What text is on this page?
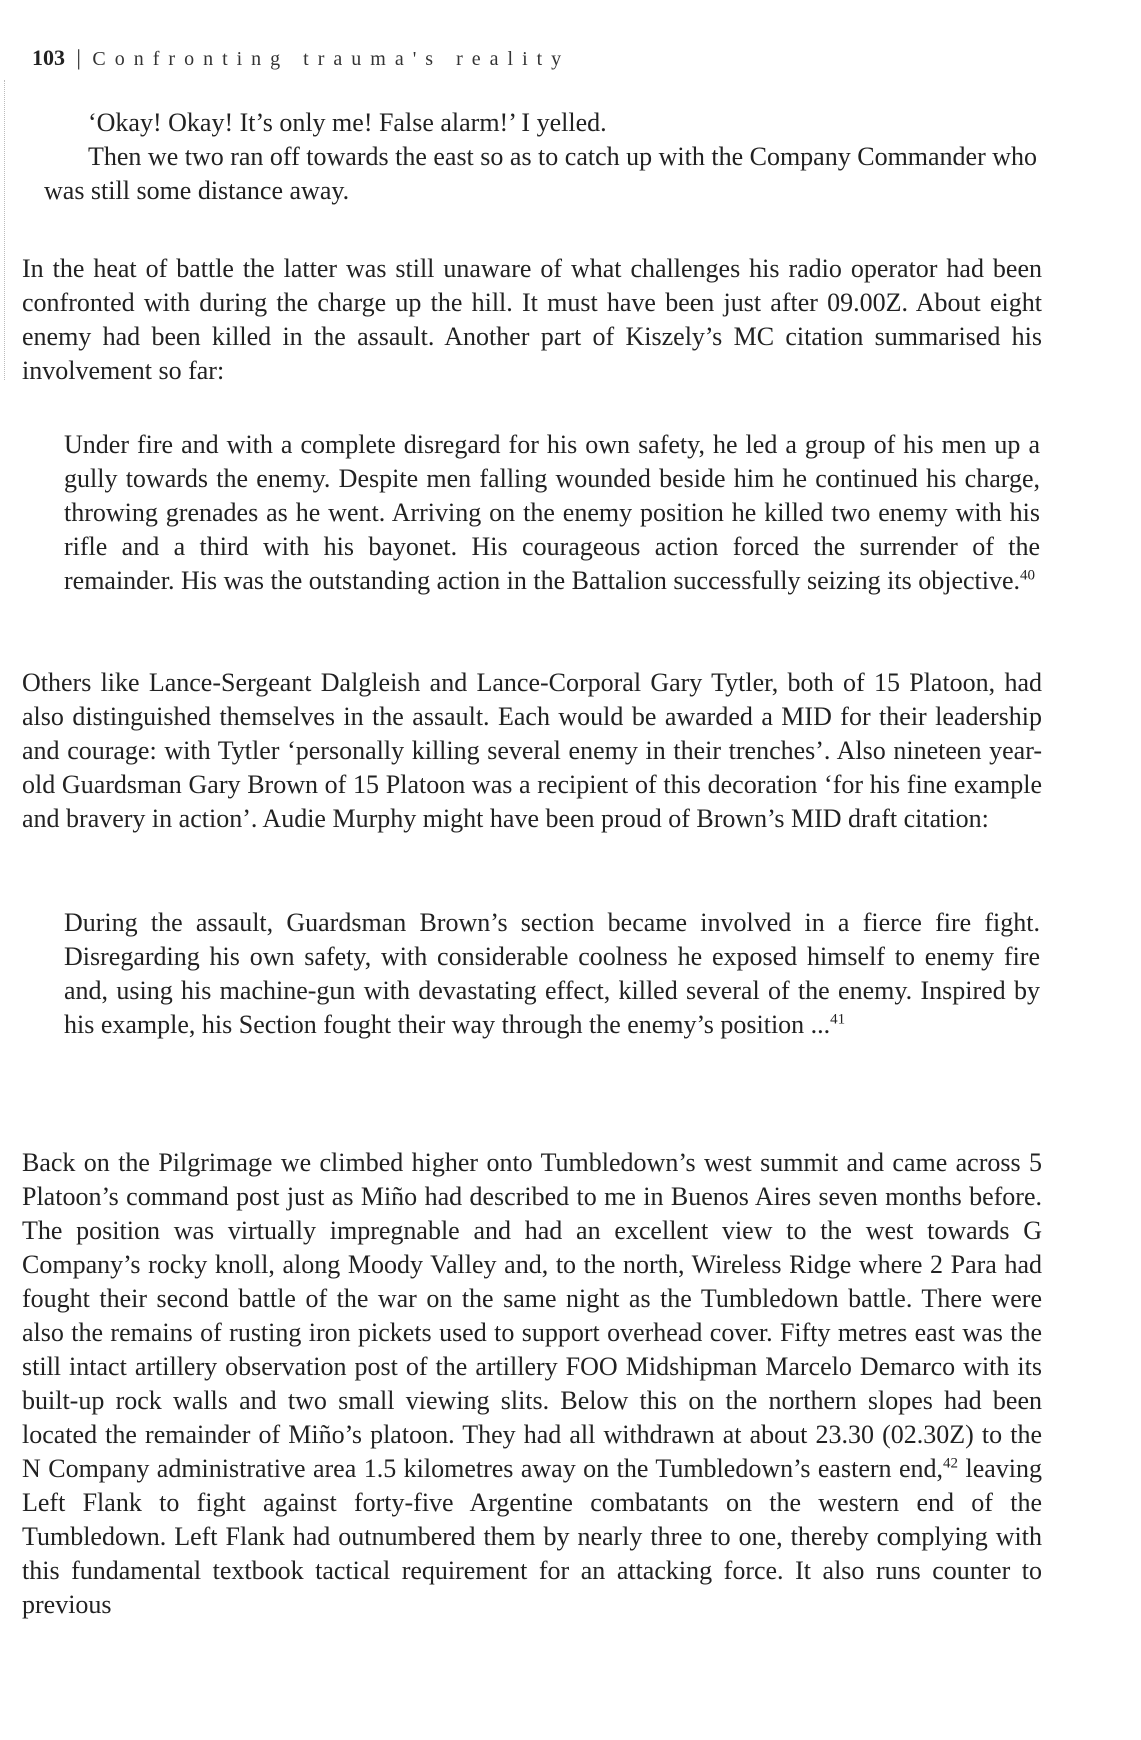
103 | Confronting trauma's reality

‘Okay! Okay! It’s only me! False alarm!’ I yelled.

Then we two ran off towards the east so as to catch up with the Company Commander who was still some distance away.

In the heat of battle the latter was still unaware of what challenges his radio operator had been confronted with during the charge up the hill. It must have been just after 09.00Z. About eight enemy had been killed in the assault. Another part of Kiszely’s MC citation summarised his involvement so far:

Under fire and with a complete disregard for his own safety, he led a group of his men up a gully towards the enemy. Despite men falling wounded beside him he continued his charge, throwing grenades as he went. Arriving on the enemy position he killed two enemy with his rifle and a third with his bayonet. His courageous action forced the surrender of the remainder. His was the outstanding action in the Battalion successfully seizing its objective.$^{40}$

Others like Lance-Sergeant Dalgleish and Lance-Corporal Gary Tytler, both of 15 Platoon, had also distinguished themselves in the assault. Each would be awarded a MID for their leadership and courage: with Tytler ‘personally killing several enemy in their trenches’. Also nineteen year-old Guardsman Gary Brown of 15 Platoon was a recipient of this decoration ‘for his fine example and bravery in action’. Audie Murphy might have been proud of Brown’s MID draft citation:

During the assault, Guardsman Brown’s section became involved in a fierce fire fight. Disregarding his own safety, with considerable coolness he exposed himself to enemy fire and, using his machine-gun with devastating effect, killed several of the enemy. Inspired by his example, his Section fought their way through the enemy’s position ...$^{41}$

Back on the Pilgrimage we climbed higher onto Tumbledown’s west summit and came across 5 Platoon’s command post just as Miño had described to me in Buenos Aires seven months before. The position was virtually impregnable and had an excellent view to the west towards G Company’s rocky knoll, along Moody Valley and, to the north, Wireless Ridge where 2 Para had fought their second battle of the war on the same night as the Tumbledown battle. There were also the remains of rusting iron pickets used to support overhead cover. Fifty metres east was the still intact artillery observation post of the artillery FOO Midshipman Marcelo Demarco with its built-up rock walls and two small viewing slits. Below this on the northern slopes had been located the remainder of Miño’s platoon. They had all withdrawn at about 23.30 (02.30Z) to the N Company administrative area 1.5 kilometres away on the Tumbledown’s eastern end,$^{42}$ leaving Left Flank to fight against forty-five Argentine combatants on the western end of the Tumbledown. Left Flank had outnumbered them by nearly three to one, thereby complying with this fundamental textbook tactical requirement for an attacking force. It also runs counter to previous
